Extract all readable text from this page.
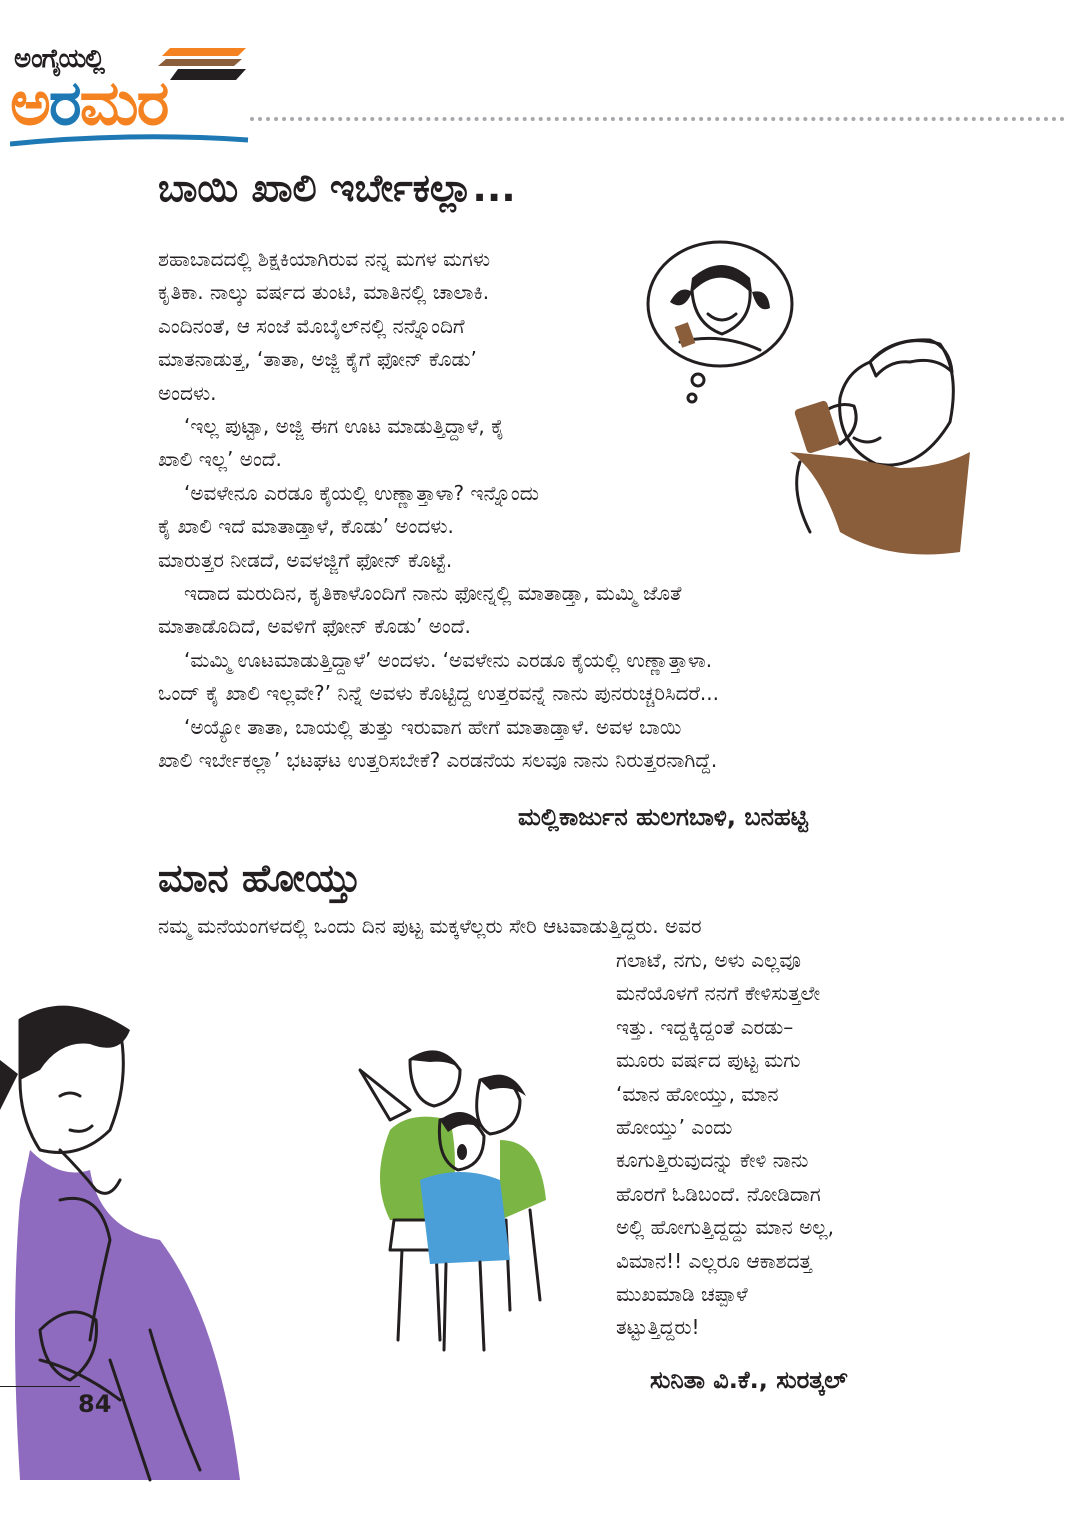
ಅಂಗೈಯಲ್ಲಿ
ಅರಮರ
ಬಾಯಿ ಖಾಲಿ ಇರ್ಬೇಕಲ್ಲಾ...
ಶಹಾಬಾದದಲ್ಲಿ ಶಿಕ್ಷಕಿಯಾಗಿರುವ ನನ್ನ ಮಗಳ ಮಗಳು
ಕೃತಿಕಾ. ನಾಲ್ಕು ವರ್ಷದ ತುಂಟಿ, ಮಾತಿನಲ್ಲಿ ಚಾಲಾಕಿ.
ಎಂದಿನಂತೆ, ಆ ಸಂಜೆ ಮೊಬೈಲ್‌ನಲ್ಲಿ ನನ್ನೊಂದಿಗೆ
ಮಾತನಾಡುತ್ತ, ‘ತಾತಾ, ಅಜ್ಜಿ ಕೈಗೆ ಫೋನ್ ಕೊಡು’
ಅಂದಳು.
‘ಇಲ್ಲ ಪುಟ್ಟಾ, ಅಜ್ಜಿ ಈಗ ಊಟ ಮಾಡುತ್ತಿದ್ದಾಳೆ, ಕೈ
ಖಾಲಿ ಇಲ್ಲ’ ಅಂದೆ.
‘ಅವಳೇನೂ ಎರಡೂ ಕೈಯಲ್ಲಿ ಉಣ್ಣಾತ್ತಾಳಾ? ಇನ್ನೊಂದು
ಕೈ ಖಾಲಿ ಇದೆ ಮಾತಾಡ್ತಾಳೆ, ಕೊಡು’ ಅಂದಳು.
ಮಾರುತ್ತರ ನೀಡದೆ, ಅವಳಜ್ಜಿಗೆ ಫೋನ್ ಕೊಟ್ಟೆ.
ಇದಾದ ಮರುದಿನ, ಕೃತಿಕಾಳೊಂದಿಗೆ ನಾನು ಫೋನ್ನಲ್ಲಿ ಮಾತಾಡ್ತಾ, ಮಮ್ಮಿ ಜೊತೆ
ಮಾತಾಡೊದಿದೆ, ಅವಳಿಗೆ ಫೋನ್ ಕೊಡು’ ಅಂದೆ.
‘ಮಮ್ಮಿ ಊಟಮಾಡುತ್ತಿದ್ದಾಳೆ’ ಅಂದಳು. ‘ಅವಳೇನು ಎರಡೂ ಕೈಯಲ್ಲಿ ಉಣ್ಣಾತ್ತಾಳಾ.
ಒಂದ್ ಕೈ ಖಾಲಿ ಇಲ್ಲವೇ?’ ನಿನ್ನೆ ಅವಳು ಕೊಟ್ಟಿದ್ದ ಉತ್ತರವನ್ನೆ ನಾನು ಪುನರುಚ್ಚರಿಸಿದರೆ...
‘ಅಯ್ಯೋ ತಾತಾ, ಬಾಯಲ್ಲಿ ತುತ್ತು ಇರುವಾಗ ಹೇಗೆ ಮಾತಾಡ್ತಾಳೆ. ಅವಳ ಬಾಯಿ
ಖಾಲಿ ಇರ್ಬೇಕಲ್ಲಾ’ ಭಟಘಟ ಉತ್ತರಿಸಬೇಕೆ? ಎರಡನೆಯ ಸಲವೂ ನಾನು ನಿರುತ್ತರನಾಗಿದ್ದೆ.
ಮಲ್ಲಿಕಾರ್ಜುನ ಹುಲಗಬಾಳಿ, ಬನಹಟ್ಟಿ
ಮಾನ ಹೋಯ್ತು
ನಮ್ಮ ಮನೆಯಂಗಳದಲ್ಲಿ ಒಂದು ದಿನ ಪುಟ್ಟ ಮಕ್ಕಳೆಲ್ಲರು ಸೇರಿ ಆಟವಾಡುತ್ತಿದ್ದರು. ಅವರ
ಗಲಾಟೆ, ನಗು, ಅಳು ಎಲ್ಲವೂ
ಮನೆಯೊಳಗೆ ನನಗೆ ಕೇಳಿಸುತ್ತಲೇ
ಇತ್ತು. ಇದ್ದಕ್ಕಿದ್ದಂತೆ ಎರಡು–
ಮೂರು ವರ್ಷದ ಪುಟ್ಟ ಮಗು
‘ಮಾನ ಹೋಯ್ತು, ಮಾನ
ಹೋಯ್ತು’ ಎಂದು
ಕೂಗುತ್ತಿರುವುದನ್ನು ಕೇಳಿ ನಾನು
ಹೊರಗೆ ಓಡಿಬಂದೆ. ನೋಡಿದಾಗ
ಅಲ್ಲಿ ಹೋಗುತ್ತಿದ್ದದ್ದು ಮಾನ ಅಲ್ಲ,
ವಿಮಾನ!! ಎಲ್ಲರೂ ಆಕಾಶದತ್ತ
ಮುಖಮಾಡಿ ಚಪ್ಪಾಳೆ
ತಟ್ಟುತ್ತಿದ್ದರು!
ಸುನಿತಾ ವಿ.ಕೆ., ಸುರತ್ಕಲ್
84
